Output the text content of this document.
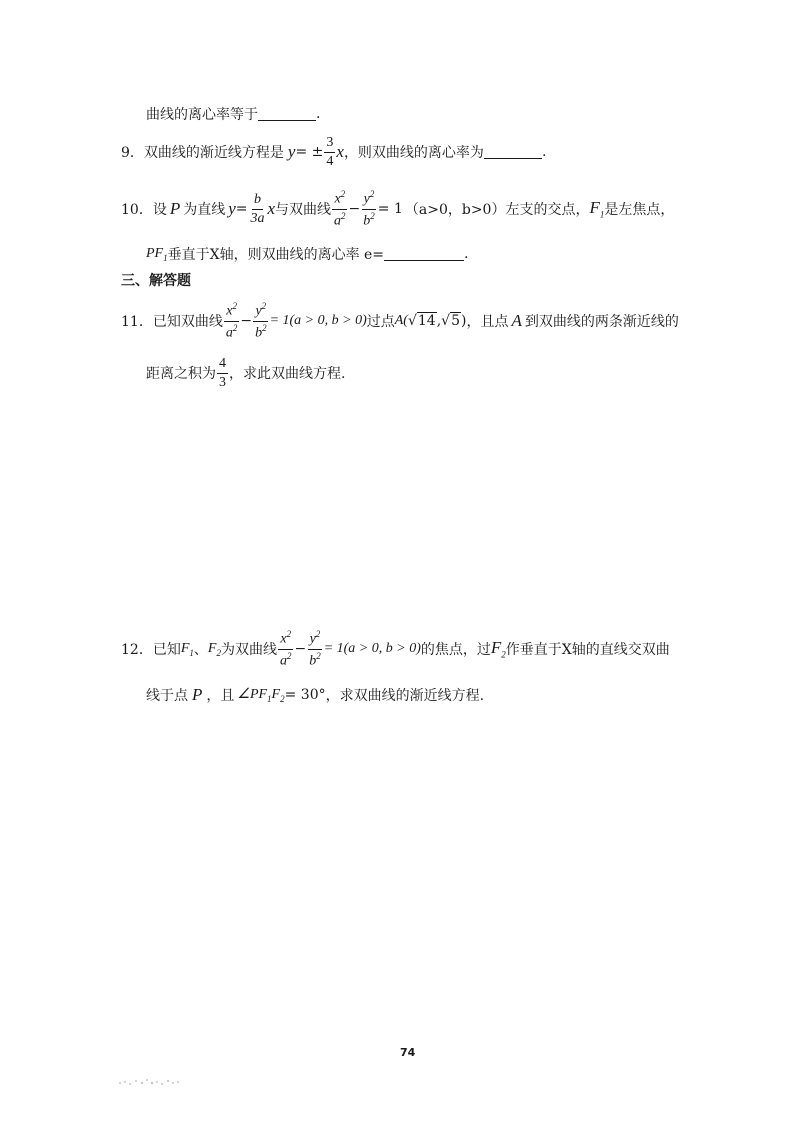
曲线的离心率等于	.
9． 双曲线的渐近线方程是 y = ± $\frac{3}{4}$ x ，则双曲线的离心率为	.
10．设 P 为直线 $y = \frac{b}{3a}$ x 与双曲线 $\frac{x^2}{a^2} - \frac{y^2}{b^2} = 1$ （a>0，b>0）左支的交点， $F_1$ 是左焦点，
$PF_1$ 垂直于X轴，则双曲线的离心率 e=	.
三、解答题
11．已知双曲线 $\frac{x^2}{a^2} - \frac{y^2}{b^2} = 1(a > 0$, b > 0) 过点 A( √14 , √5 ) ，且点 A 到双曲线的两条渐近线的
距离之积为 $\frac{4}{3}$ ，求此双曲线方程.
12．已知 $F_1$ 、 $F_2$ 为双曲线 $\frac{x^2}{a^2} - \frac{y^2}{b^2} = 1(a > 0$, b > 0) 的焦点，过 $F_2$ 作垂直于X轴的直线交双曲
线于点 P ，且 $\angle PF_1F_2 = 30^\circ$ ，求双曲线的渐近线方程.
74
